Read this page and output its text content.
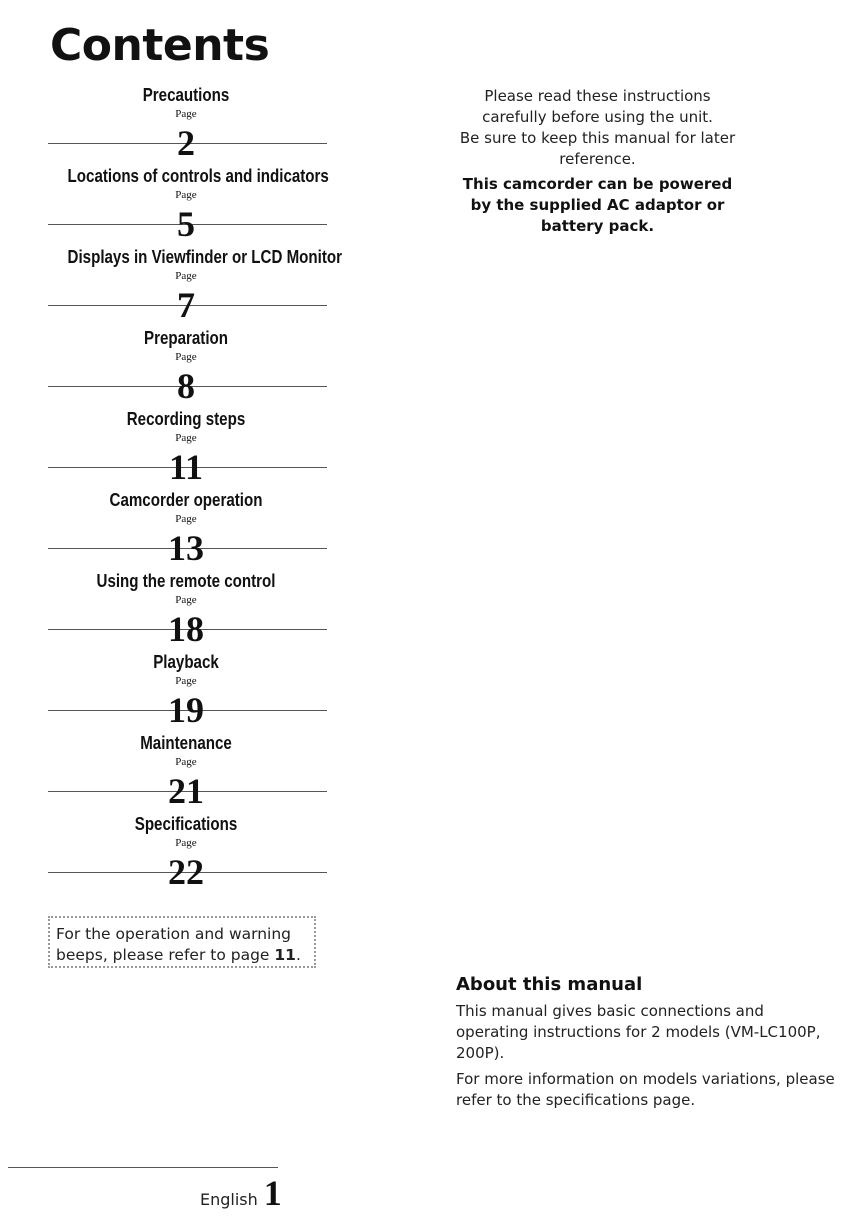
Contents
Precautions
Page
2
Locations of controls and indicators
Page
5
Displays in Viewfinder or LCD Monitor
Page
7
Preparation
Page
8
Recording steps
Page
11
Camcorder operation
Page
13
Using the remote control
Page
18
Playback
Page
19
Maintenance
Page
21
Specifications
Page
22
For the operation and warning beeps, please refer to page 11.

Please read these instructions carefully before using the unit.

Be sure to keep this manual for later reference.

This camcorder can be powered by the supplied AC adaptor or battery pack.

About this manual

This manual gives basic connections and operating instructions for 2 models (VM-LC100P, 200P).

For more information on models variations, please refer to the specifications page.

English 1
